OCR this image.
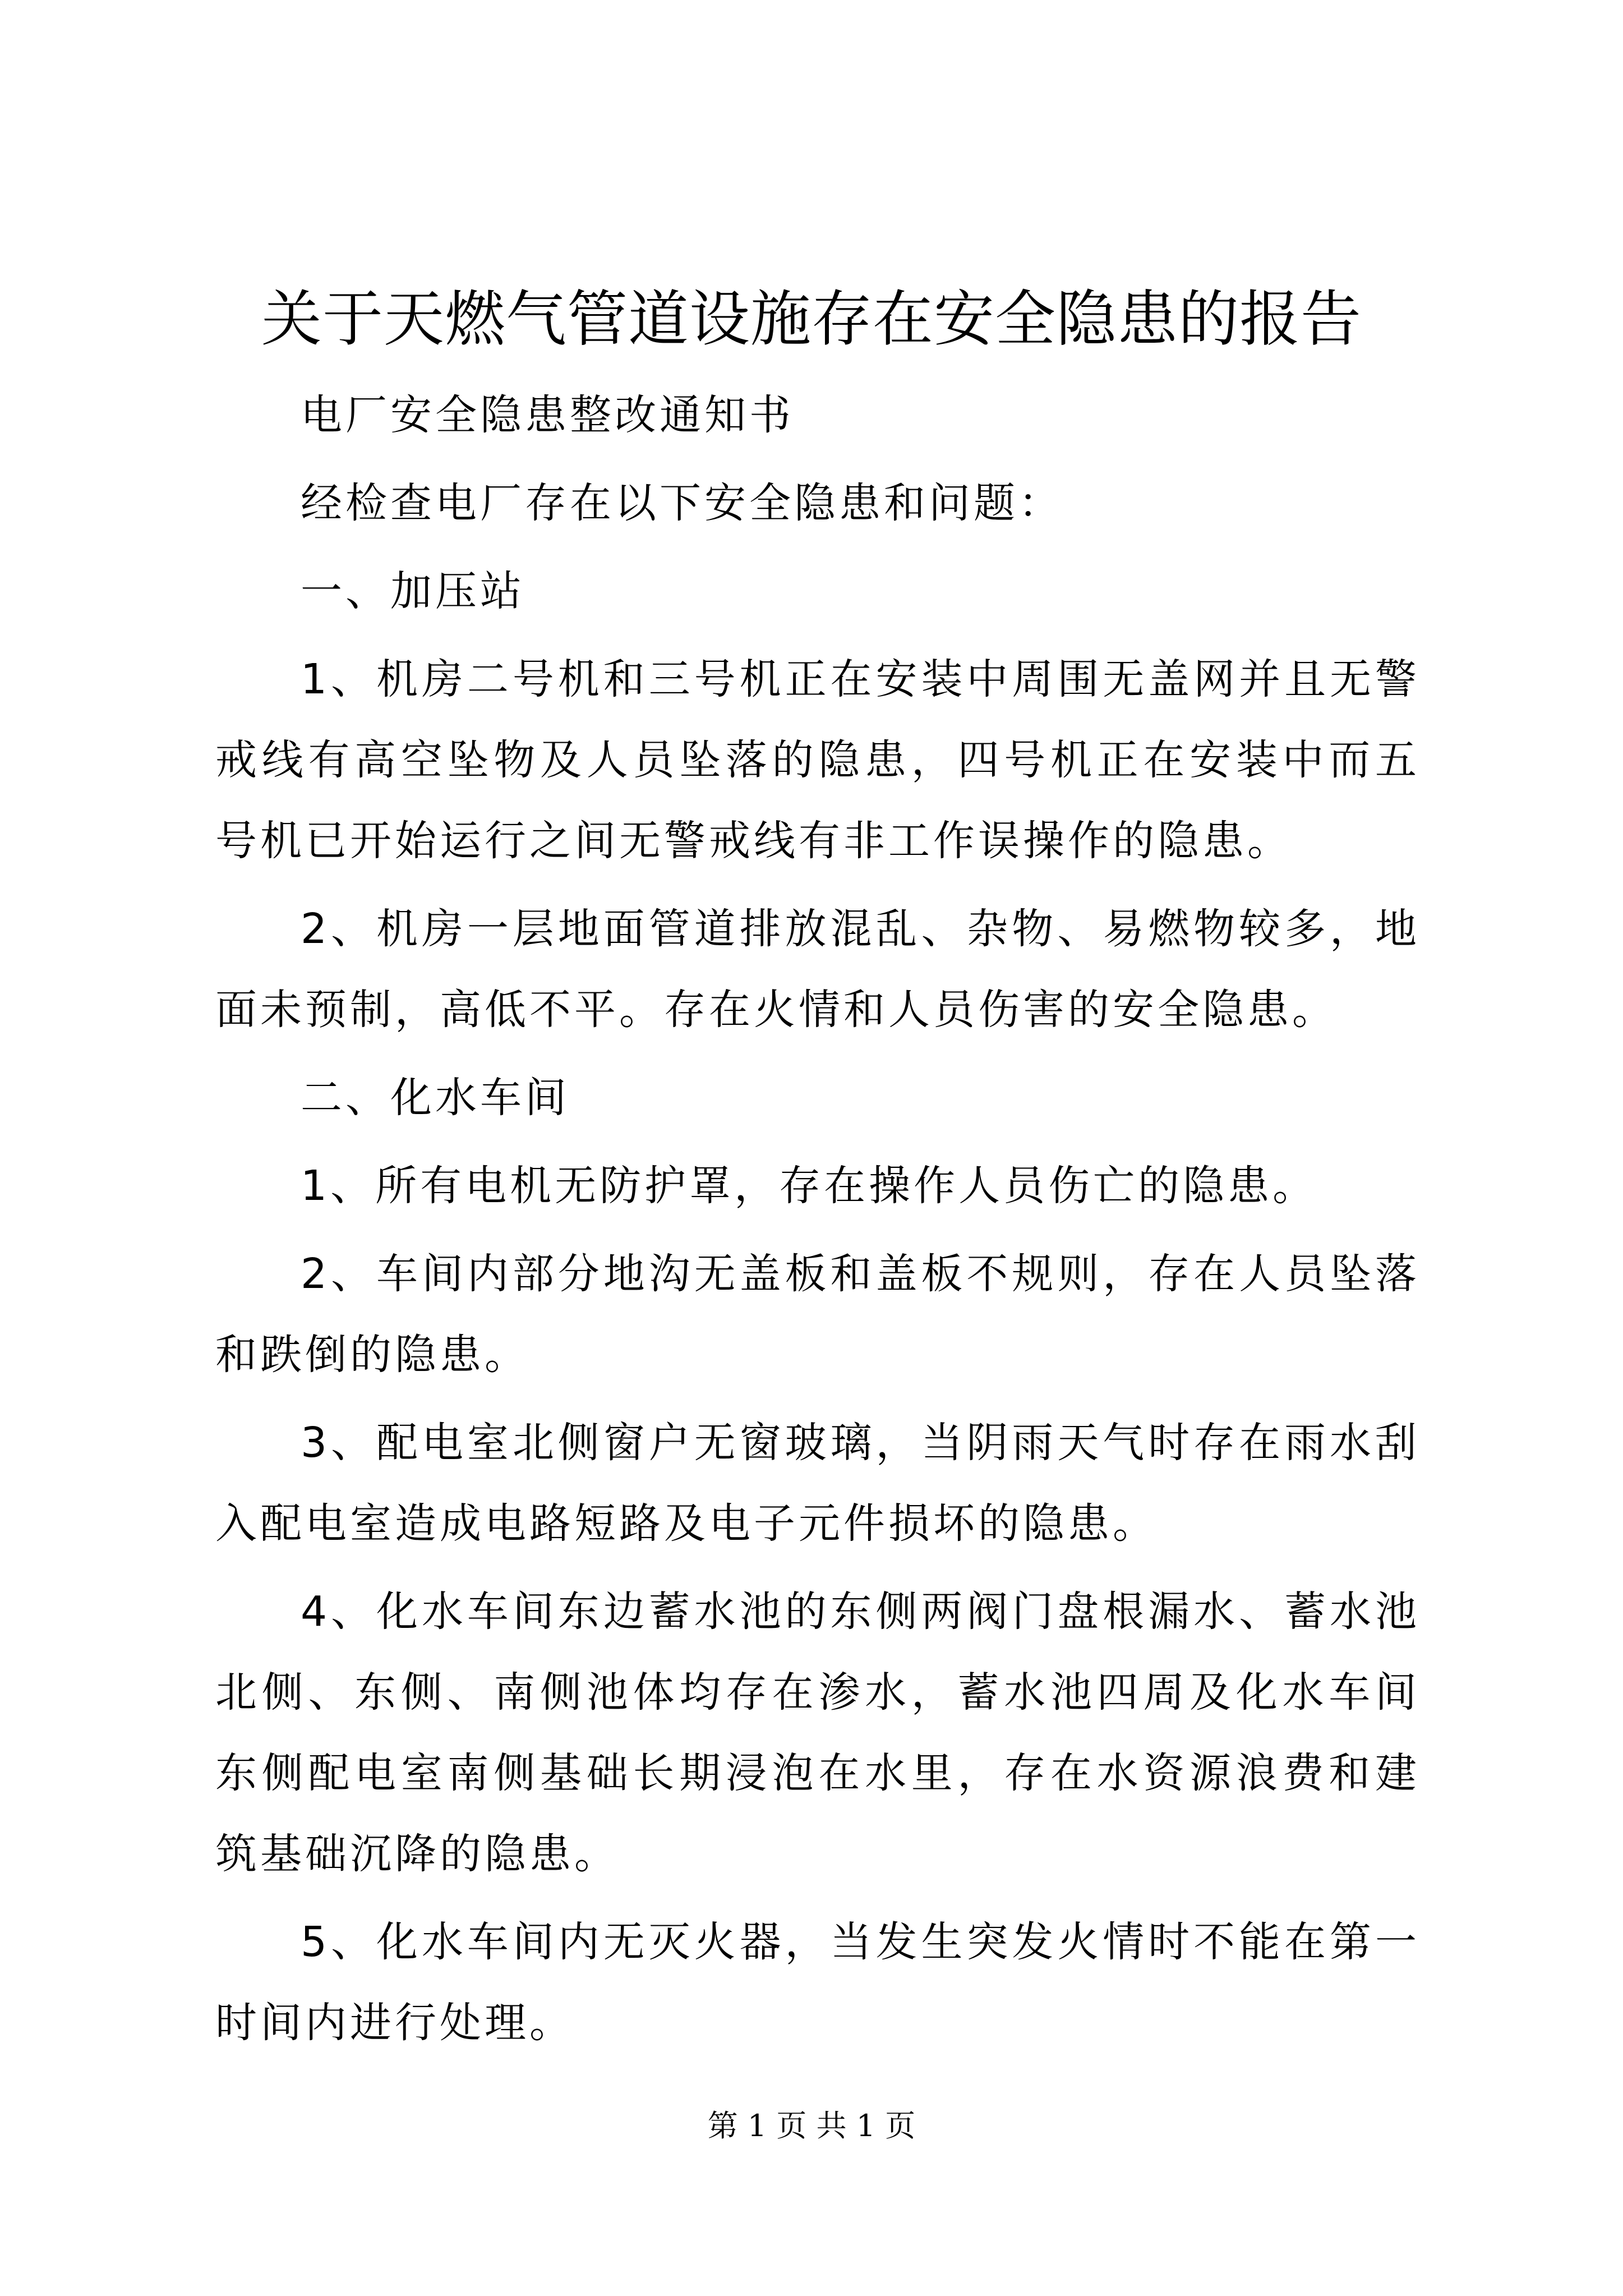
关于天燃气管道设施存在安全隐患的报告

电厂安全隐患整改通知书

经检查电厂存在以下安全隐患和问题：

一、加压站

1、机房二号机和三号机正在安装中周围无盖网并且无警戒线有高空坠物及人员坠落的隐患，四号机正在安装中而五号机已开始运行之间无警戒线有非工作误操作的隐患。

2、机房一层地面管道排放混乱、杂物、易燃物较多，地面未预制，高低不平。存在火情和人员伤害的安全隐患。

二、化水车间

1、所有电机无防护罩，存在操作人员伤亡的隐患。

2、车间内部分地沟无盖板和盖板不规则，存在人员坠落和跌倒的隐患。

3、配电室北侧窗户无窗玻璃，当阴雨天气时存在雨水刮入配电室造成电路短路及电子元件损坏的隐患。

4、化水车间东边蓄水池的东侧两阀门盘根漏水、蓄水池北侧、东侧、南侧池体均存在渗水，蓄水池四周及化水车间东侧配电室南侧基础长期浸泡在水里，存在水资源浪费和建筑基础沉降的隐患。

5、化水车间内无灭火器，当发生突发火情时不能在第一时间内进行处理。

第 1 页 共 1 页
